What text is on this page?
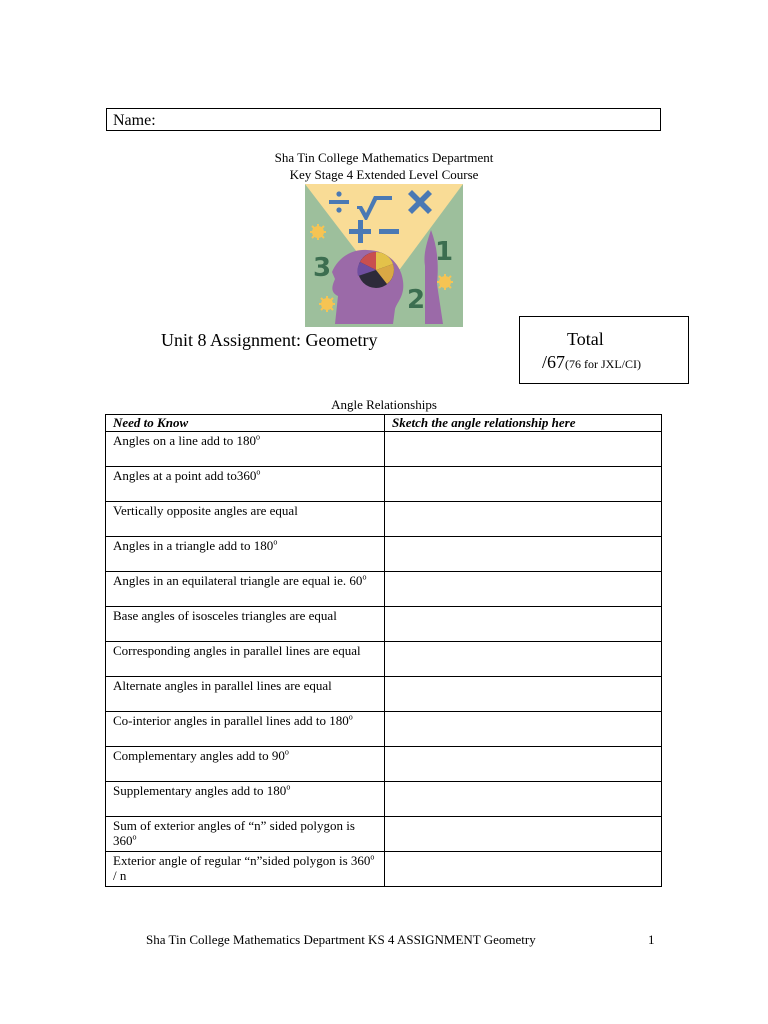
Name:
Sha Tin College Mathematics Department
Key Stage 4 Extended Level Course
3
1
2
Unit 8 Assignment: Geometry	Total
/67(76 for JXL/CI)
Angle Relationships
Need to Know	Sketch the angle relationship here
Angles on a line add to 180$^o$	
Angles at a point add to360$^o$	
Vertically opposite angles are equal	
Angles in a triangle add to 180$^o$	
Angles in an equilateral triangle are equal ie. 60$^o$	
Base angles of isosceles triangles are equal	
Corresponding angles in parallel lines are equal	
Alternate angles in parallel lines are equal	
Co-interior angles in parallel lines add to 180$^o$	
Complementary angles add to 90$^o$	
Supplementary angles add to 180$^o$	
Sum of exterior angles of “n” sided polygon is 360$^o$	
Exterior angle of regular “n”sided polygon is 360$^o$ / n	
Sha Tin College Mathematics Department KS 4 ASSIGNMENT Geometry	1
